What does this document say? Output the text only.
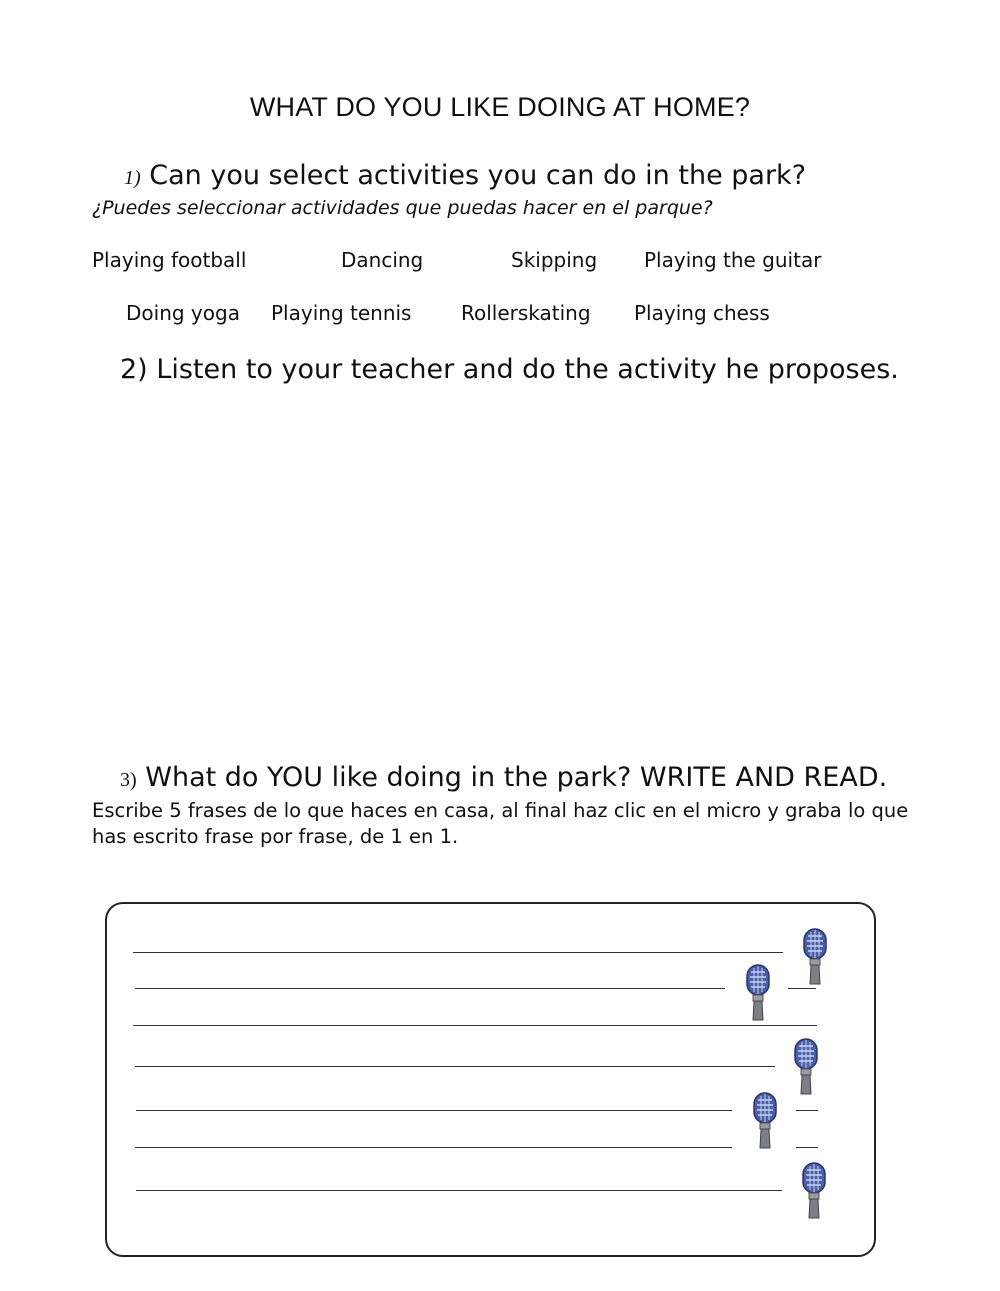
WHAT DO YOU LIKE DOING AT HOME?
1) Can you select activities you can do in the park?
¿Puedes seleccionar actividades que puedas hacer en el parque?
Playing football	Dancing	Skipping Playing the guitar
Doing yoga Playing tennis Rollerskating Playing chess
2) Listen to your teacher and do the activity he proposes.
3) What do YOU like doing in the park? WRITE AND READ.
Escribe 5 frases de lo que haces en casa, al final haz clic en el micro y graba lo que has escrito frase por frase, de 1 en 1.
